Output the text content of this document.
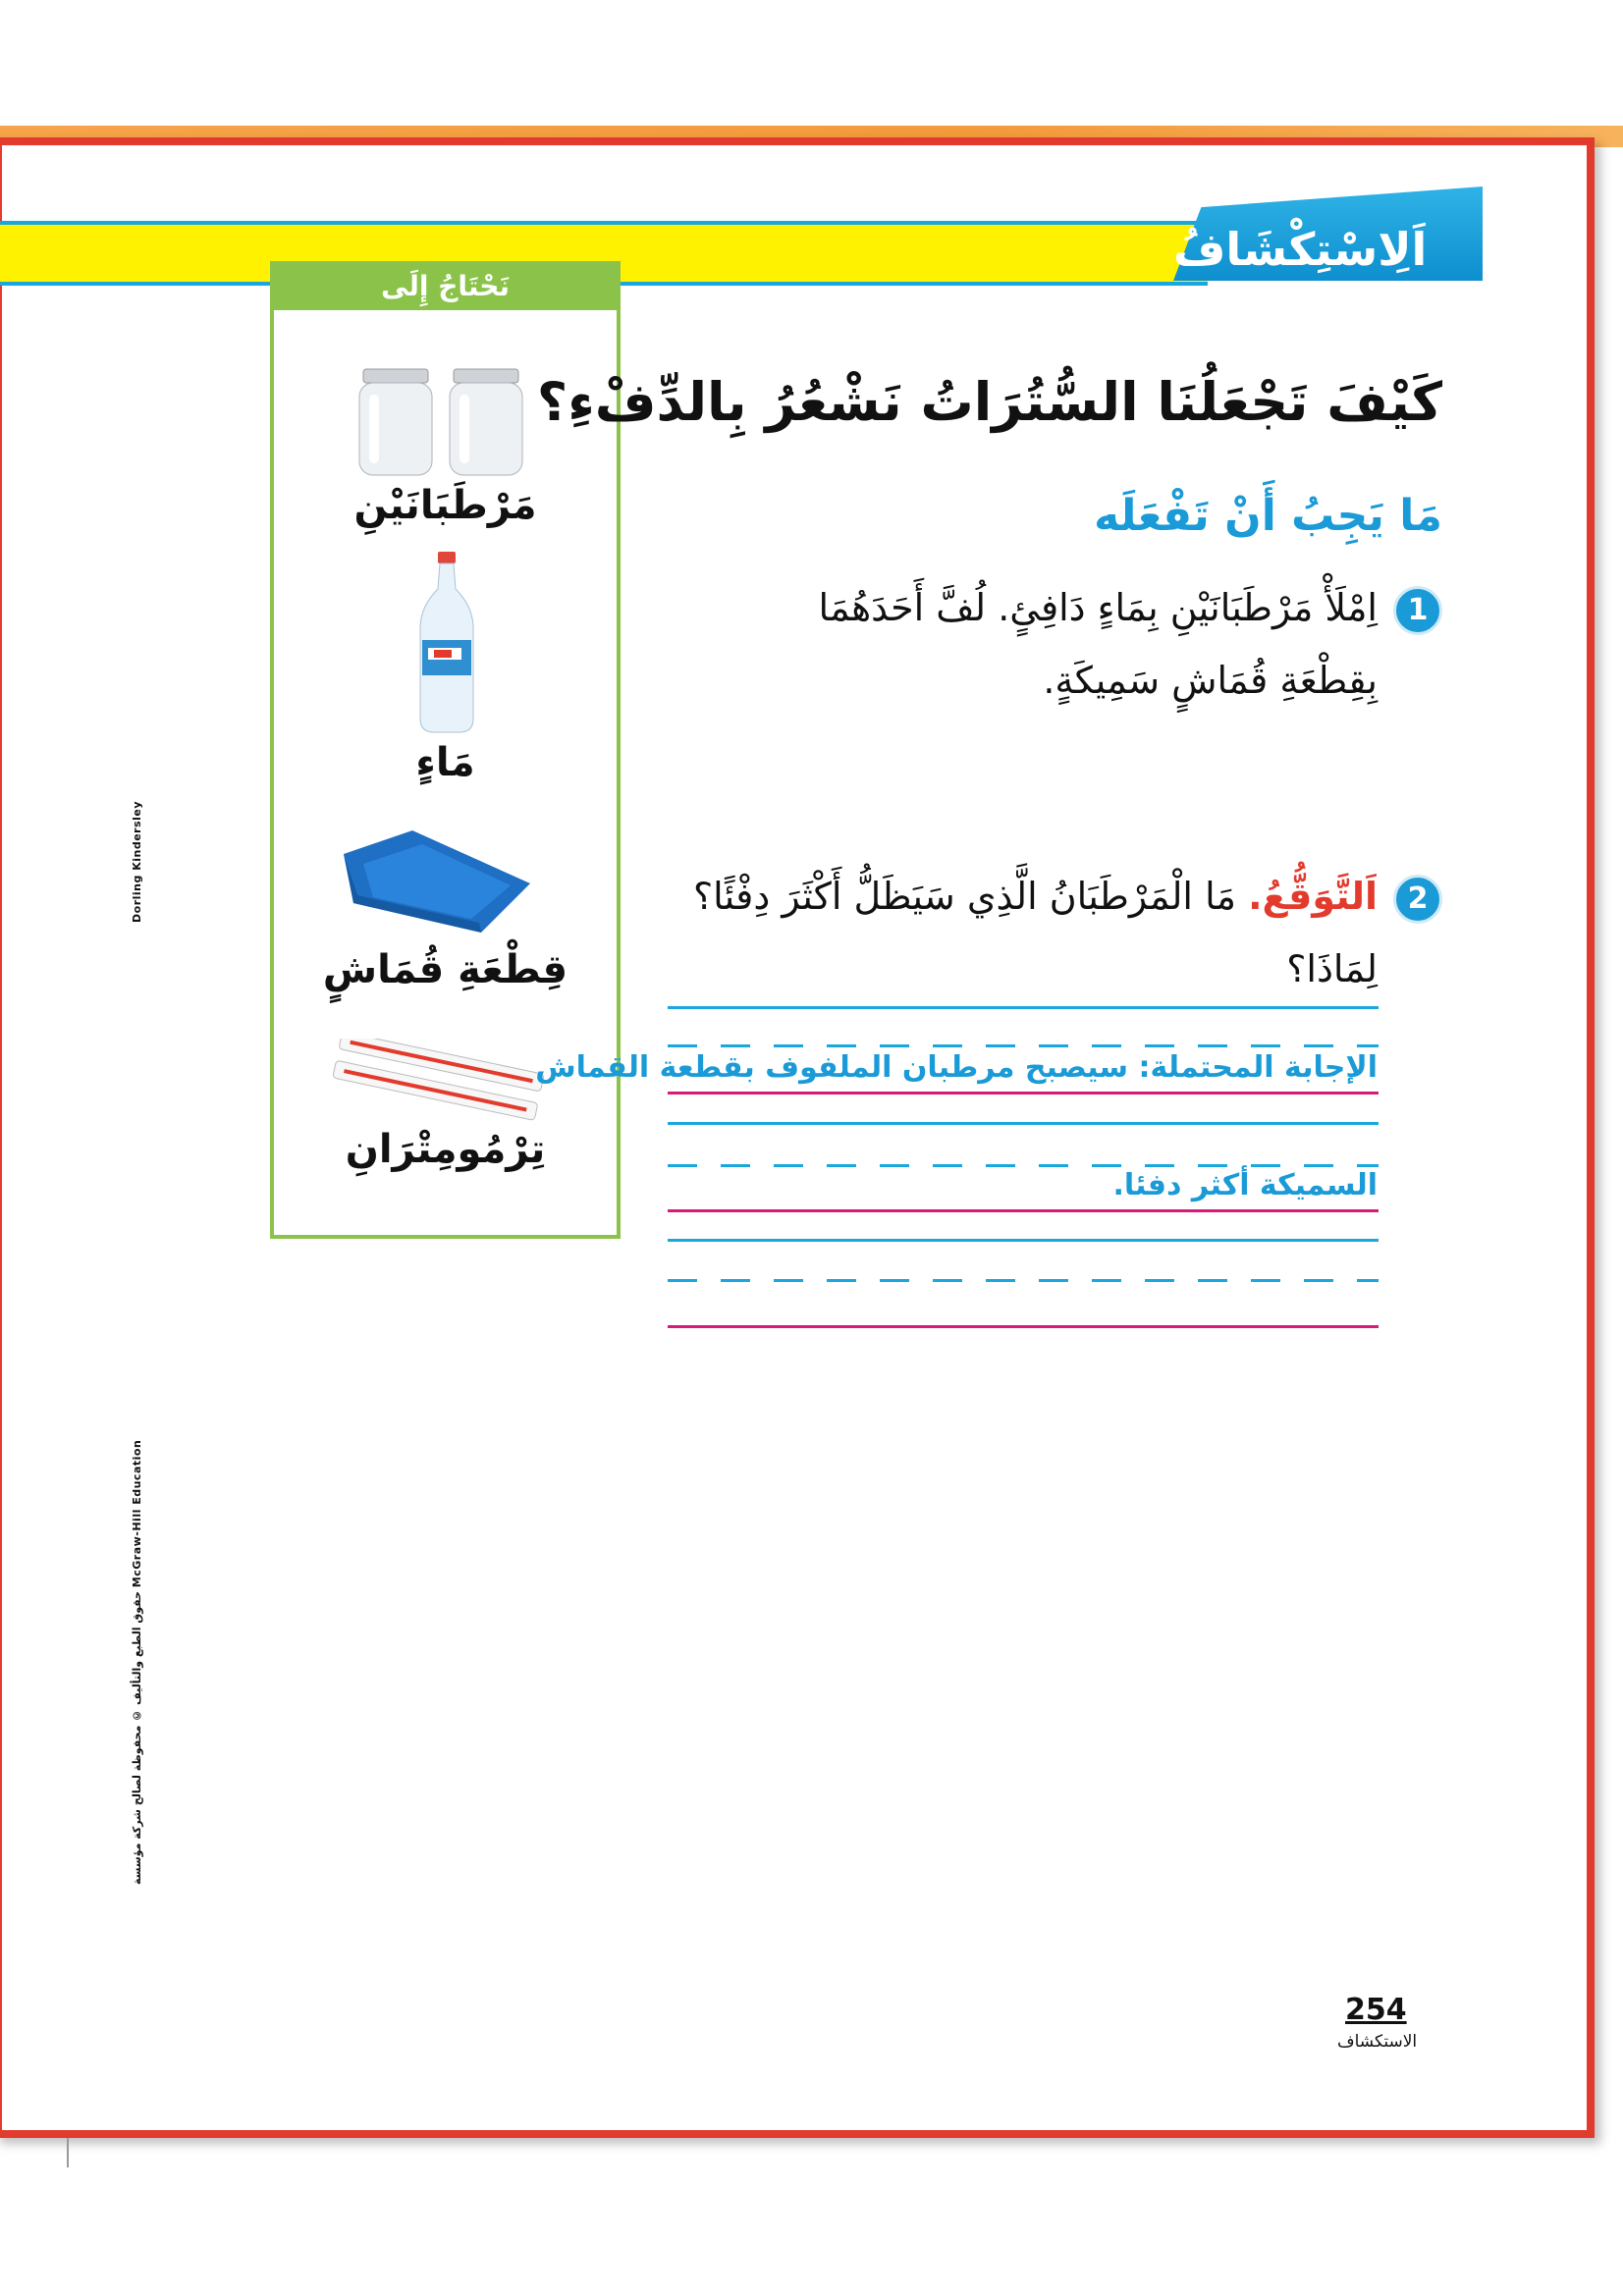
اَلِاسْتِكْشَافُ
نَحْتَاجُ إِلَى
مَرْطَبَانَيْنِ
مَاءٍ
قِطْعَةِ قُمَاشٍ
تِرْمُومِتْرَانِ
كَيْفَ تَجْعَلُنَا السُّتُرَاتُ نَشْعُرُ بِالدِّفْءِ؟
مَا يَجِبُ أَنْ تَفْعَلَه
1اِمْلَأْ مَرْطَبَانَيْنِ بِمَاءٍ دَافِئٍ. لُفَّ أَحَدَهُمَا
بِقِطْعَةِ قُمَاشٍ سَمِيكَةٍ.
2اَلتَّوَقُّعُ. مَا الْمَرْطَبَانُ الَّذِي سَيَظَلُّ أَكْثَرَ دِفْئًا؟
لِمَاذَا؟
الإجابة المحتملة: سيصبح مرطبان الملفوف بقطعة القماش
السميكة أكثر دفئا.
Dorling Kindersley
حقوق الطبع والتأليف © محفوظة لصالح شركة مؤسسة McGraw-Hill Education
254
الاستكشاف
